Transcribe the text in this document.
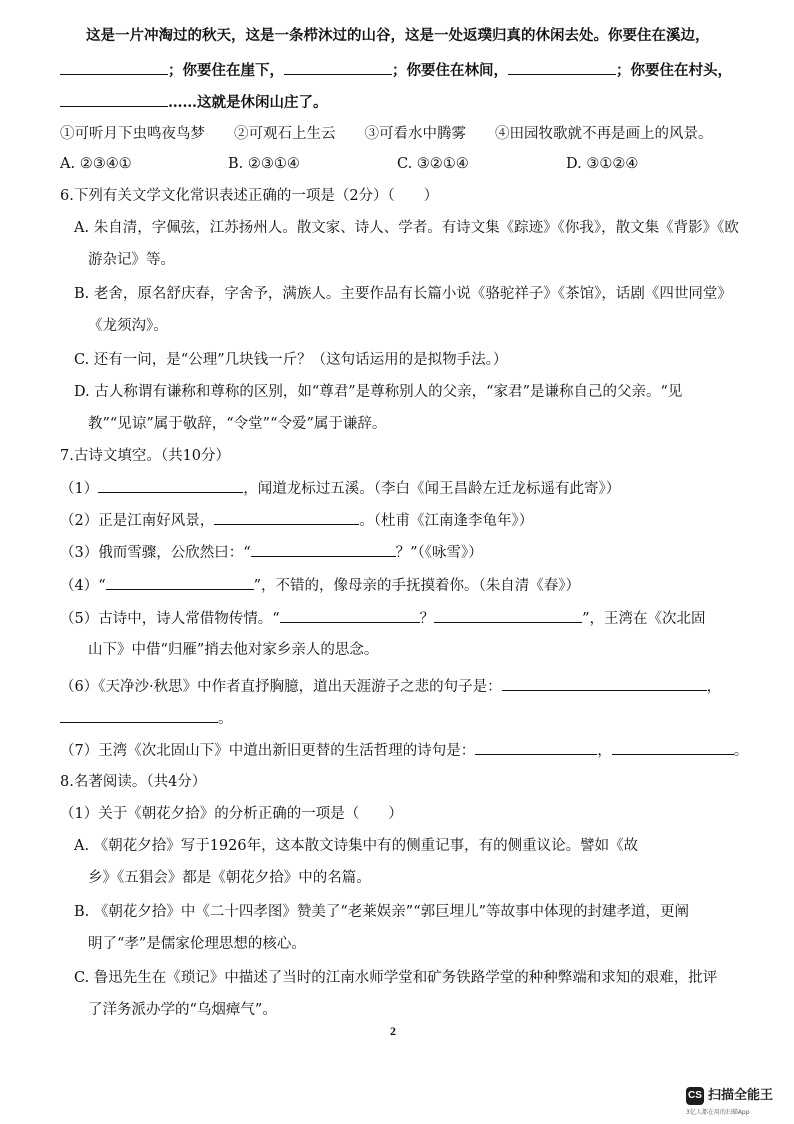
这是一片冲淘过的秋天，这是一条栉沐过的山谷，这是一处返璞归真的休闲去处。你要住在溪边，
；你要住在崖下，	；你要住在林间，	；你要住在村头，
……这就是休闲山庄了。
①可听月下虫鸣夜鸟梦　　②可观石上生云　　③可看水中腾雾　　④田园牧歌就不再是画上的风景。
A. ②③④①	B. ②③①④	C. ③②①④	D. ③①②④
6.下列有关文学文化常识表述正确的一项是（2分）（　　）
A. 朱自清，字佩弦，江苏扬州人。散文家、诗人、学者。有诗文集《踪迹》《你我》，散文集《背影》《欧
游杂记》等。
B. 老舍，原名舒庆春，字舍予，满族人。主要作品有长篇小说《骆驼祥子》《茶馆》，话剧《四世同堂》
《龙须沟》。
C. 还有一问，是“公理”几块钱一斤？（这句话运用的是拟物手法。）
D. 古人称谓有谦称和尊称的区别，如“尊君”是尊称别人的父亲，“家君”是谦称自己的父亲。“见
教”“见谅”属于敬辞，“令堂”“令爱”属于谦辞。
7.古诗文填空。（共10分）
（1）	，闻道龙标过五溪。（李白《闻王昌龄左迁龙标遥有此寄》）
（2）正是江南好风景，	。（杜甫《江南逢李龟年》）
（3）俄而雪骤，公欣然曰：“	？”（《咏雪》）
（4）“	”，不错的，像母亲的手抚摸着你。（朱自清《春》）
（5）古诗中，诗人常借物传情。“	？	”，王湾在《次北固
山下》中借“归雁”捎去他对家乡亲人的思念。
（6）《天净沙·秋思》中作者直抒胸臆，道出天涯游子之悲的句子是：	，
。
（7）王湾《次北固山下》中道出新旧更替的生活哲理的诗句是：	，	。
8.名著阅读。（共4分）
（1）关于《朝花夕拾》的分析正确的一项是（　　）
A. 《朝花夕拾》写于1926年，这本散文诗集中有的侧重记事，有的侧重议论。譬如《故
乡》《五猖会》都是《朝花夕拾》中的名篇。
B. 《朝花夕拾》中《二十四孝图》赞美了“老莱娱亲”“郭巨埋儿”等故事中体现的封建孝道，更阐
明了“孝”是儒家伦理思想的核心。
C. 鲁迅先生在《琐记》中描述了当时的江南水师学堂和矿务铁路学堂的种种弊端和求知的艰难，批评
了洋务派办学的“乌烟瘴气”。
2
CS 扫描全能王
3亿人都在用的扫描App
